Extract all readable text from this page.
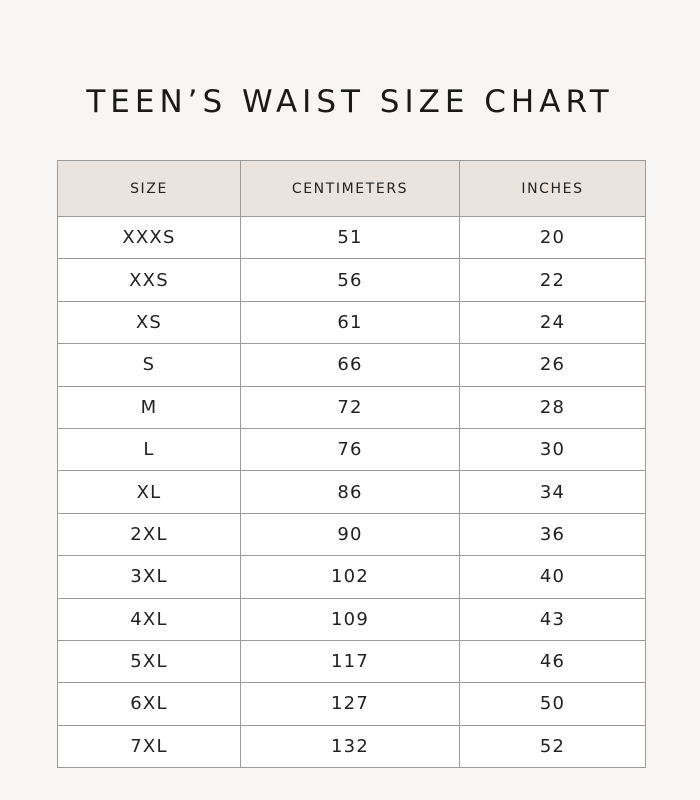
TEEN’S WAIST SIZE CHART
SIZE	CENTIMETERS	INCHES
XXXS	51	20
XXS	56	22
XS	61	24
S	66	26
M	72	28
L	76	30
XL	86	34
2XL	90	36
3XL	102	40
4XL	109	43
5XL	117	46
6XL	127	50
7XL	132	52
